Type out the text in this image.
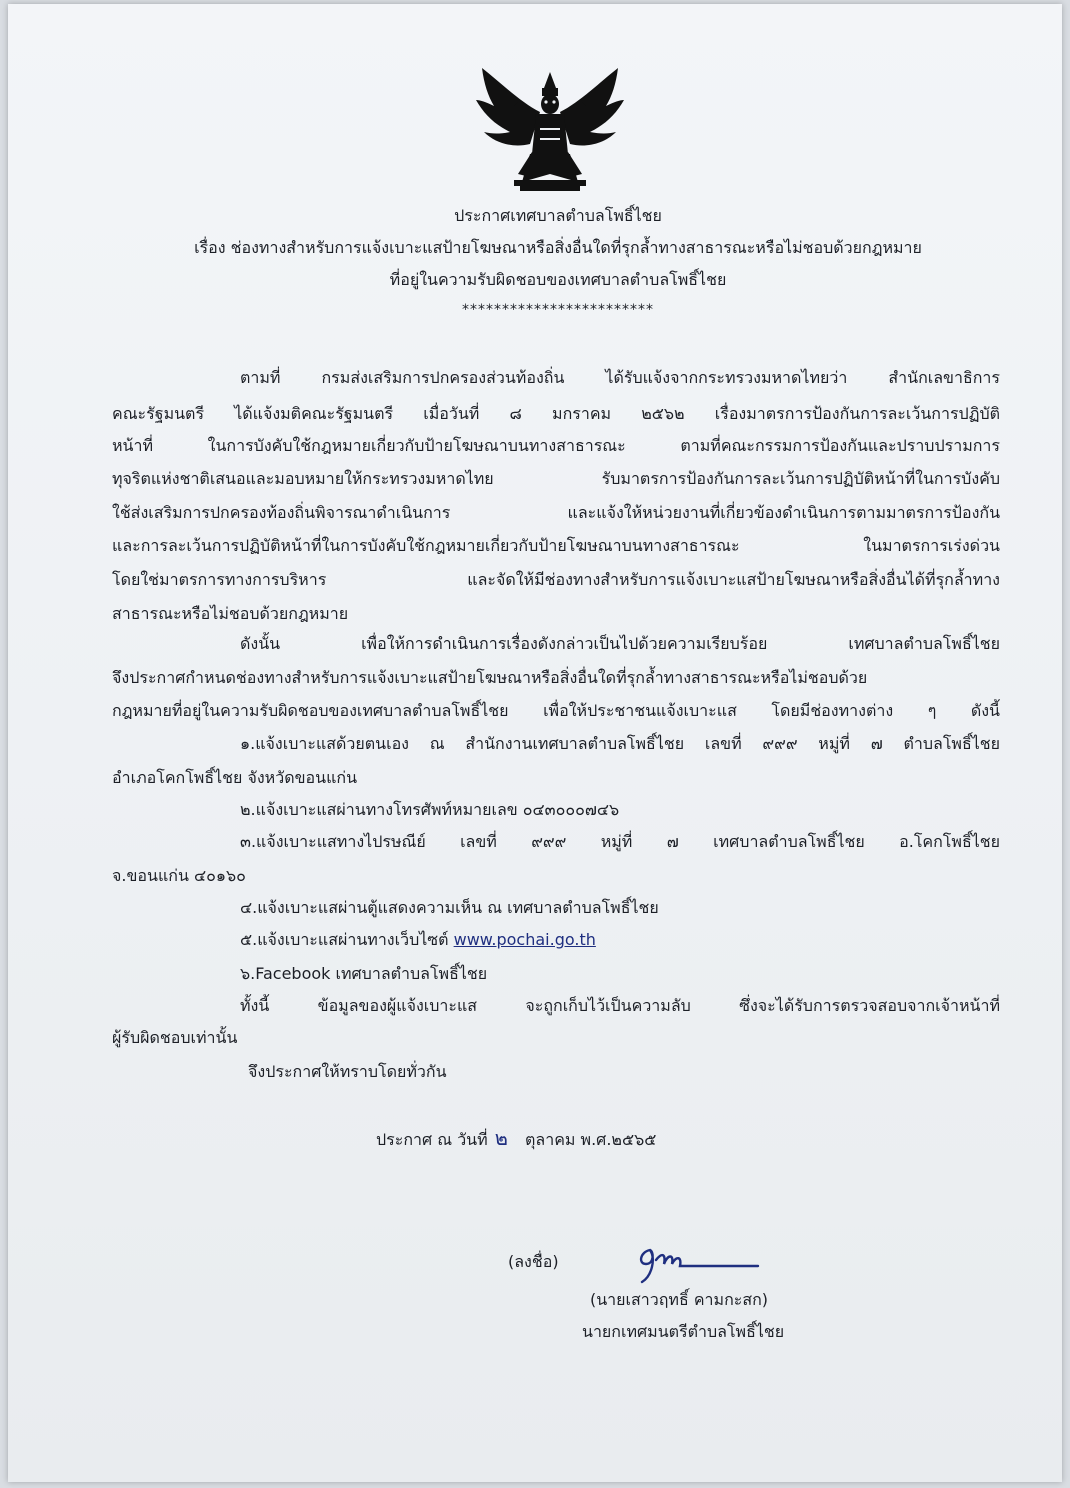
ประกาศเทศบาลตำบลโพธิ์ไชย
เรื่อง ช่องทางสำหรับการแจ้งเบาะแสป้ายโฆษณาหรือสิ่งอื่นใดที่รุกล้ำทางสาธารณะหรือไม่ชอบด้วยกฎหมาย
ที่อยู่ในความรับผิดชอบของเทศบาลตำบลโพธิ์ไชย
************************
ตามที่ กรมส่งเสริมการปกครองส่วนท้องถิ่น ได้รับแจ้งจากกระทรวงมหาดไทยว่า สำนักเลขาธิการ
คณะรัฐมนตรี ได้แจ้งมติคณะรัฐมนตรี เมื่อวันที่ ๘ มกราคม ๒๕๖๒ เรื่องมาตรการป้องกันการละเว้นการปฏิบัติ
หน้าที่ ในการบังคับใช้กฎหมายเกี่ยวกับป้ายโฆษณาบนทางสาธารณะ ตามที่คณะกรรมการป้องกันและปราบปรามการ
ทุจริตแห่งชาติเสนอและมอบหมายให้กระทรวงมหาดไทย รับมาตรการป้องกันการละเว้นการปฏิบัติหน้าที่ในการบังคับ
ใช้ส่งเสริมการปกครองท้องถิ่นพิจารณาดำเนินการ และแจ้งให้หน่วยงานที่เกี่ยวข้องดำเนินการตามมาตรการป้องกัน
และการละเว้นการปฏิบัติหน้าที่ในการบังคับใช้กฎหมายเกี่ยวกับป้ายโฆษณาบนทางสาธารณะ ในมาตรการเร่งด่วน
โดยใช่มาตรการทางการบริหาร และจัดให้มีช่องทางสำหรับการแจ้งเบาะแสป้ายโฆษณาหรือสิ่งอื่นได้ที่รุกล้ำทาง
สาธารณะหรือไม่ชอบด้วยกฎหมาย
ดังนั้น เพื่อให้การดำเนินการเรื่องดังกล่าวเป็นไปด้วยความเรียบร้อย เทศบาลตำบลโพธิ์ไชย
จึงประกาศกำหนดช่องทางสำหรับการแจ้งเบาะแสป้ายโฆษณาหรือสิ่งอื่นใดที่รุกล้ำทางสาธารณะหรือไม่ชอบด้วย
กฎหมายที่อยู่ในความรับผิดชอบของเทศบาลตำบลโพธิ์ไชย เพื่อให้ประชาชนแจ้งเบาะแส โดยมีช่องทางต่าง ๆ ดังนี้
๑.แจ้งเบาะแสด้วยตนเอง ณ สำนักงานเทศบาลตำบลโพธิ์ไชย เลขที่ ๙๙๙ หมู่ที่ ๗ ตำบลโพธิ์ไชย
อำเภอโคกโพธิ์ไชย จังหวัดขอนแก่น
๒.แจ้งเบาะแสผ่านทางโทรศัพท์หมายเลข ๐๔๓๐๐๐๗๔๖
๓.แจ้งเบาะแสทางไปรษณีย์ เลขที่ ๙๙๙ หมู่ที่ ๗ เทศบาลตำบลโพธิ์ไชย อ.โคกโพธิ์ไชย
จ.ขอนแก่น ๔๐๑๖๐
๔.แจ้งเบาะแสผ่านตู้แสดงความเห็น ณ เทศบาลตำบลโพธิ์ไชย
๕.แจ้งเบาะแสผ่านทางเว็บไซต์ www.pochai.go.th
๖.Facebook เทศบาลตำบลโพธิ์ไชย
ทั้งนี้ ข้อมูลของผู้แจ้งเบาะแส จะถูกเก็บไว้เป็นความลับ ซึ่งจะได้รับการตรวจสอบจากเจ้าหน้าที่
ผู้รับผิดชอบเท่านั้น
จึงประกาศให้ทราบโดยทั่วกัน
ประกาศ ณ วันที่ ๒ ตุลาคม พ.ศ.๒๕๖๕
(ลงชื่อ)
(นายเสาวฤทธิ์ คามกะสก)
นายกเทศมนตรีตำบลโพธิ์ไชย
